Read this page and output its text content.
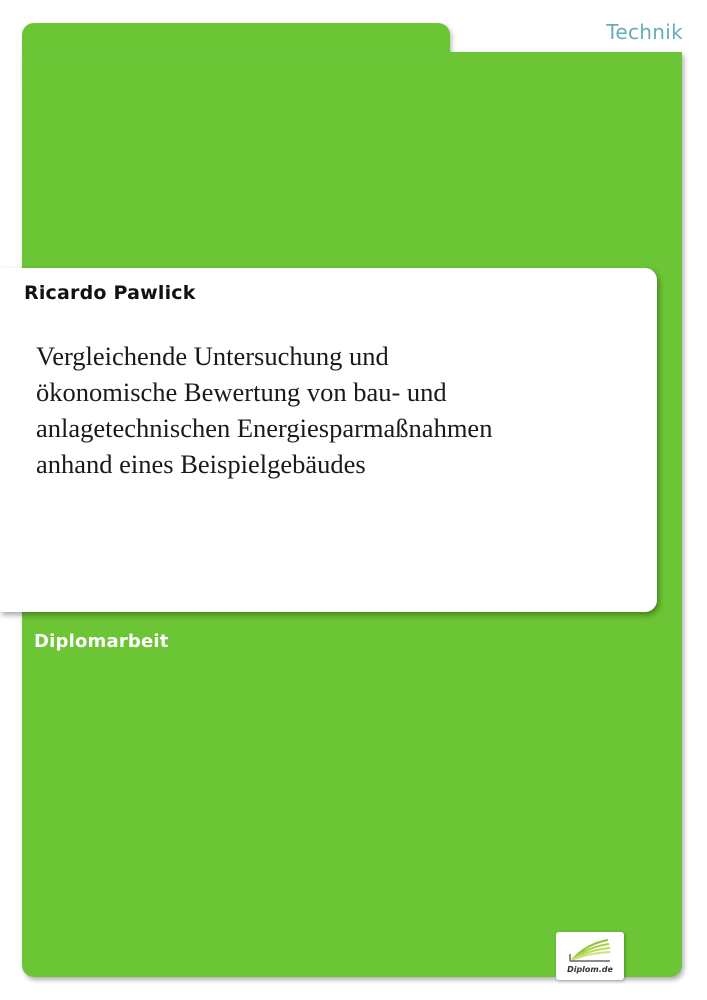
Technik
Ricardo Pawlick
Vergleichende Untersuchung und
ökonomische Bewertung von bau- und
anlagetechnischen Energiesparmaßnahmen
anhand eines Beispielgebäudes
Diplomarbeit
Diplom.de
